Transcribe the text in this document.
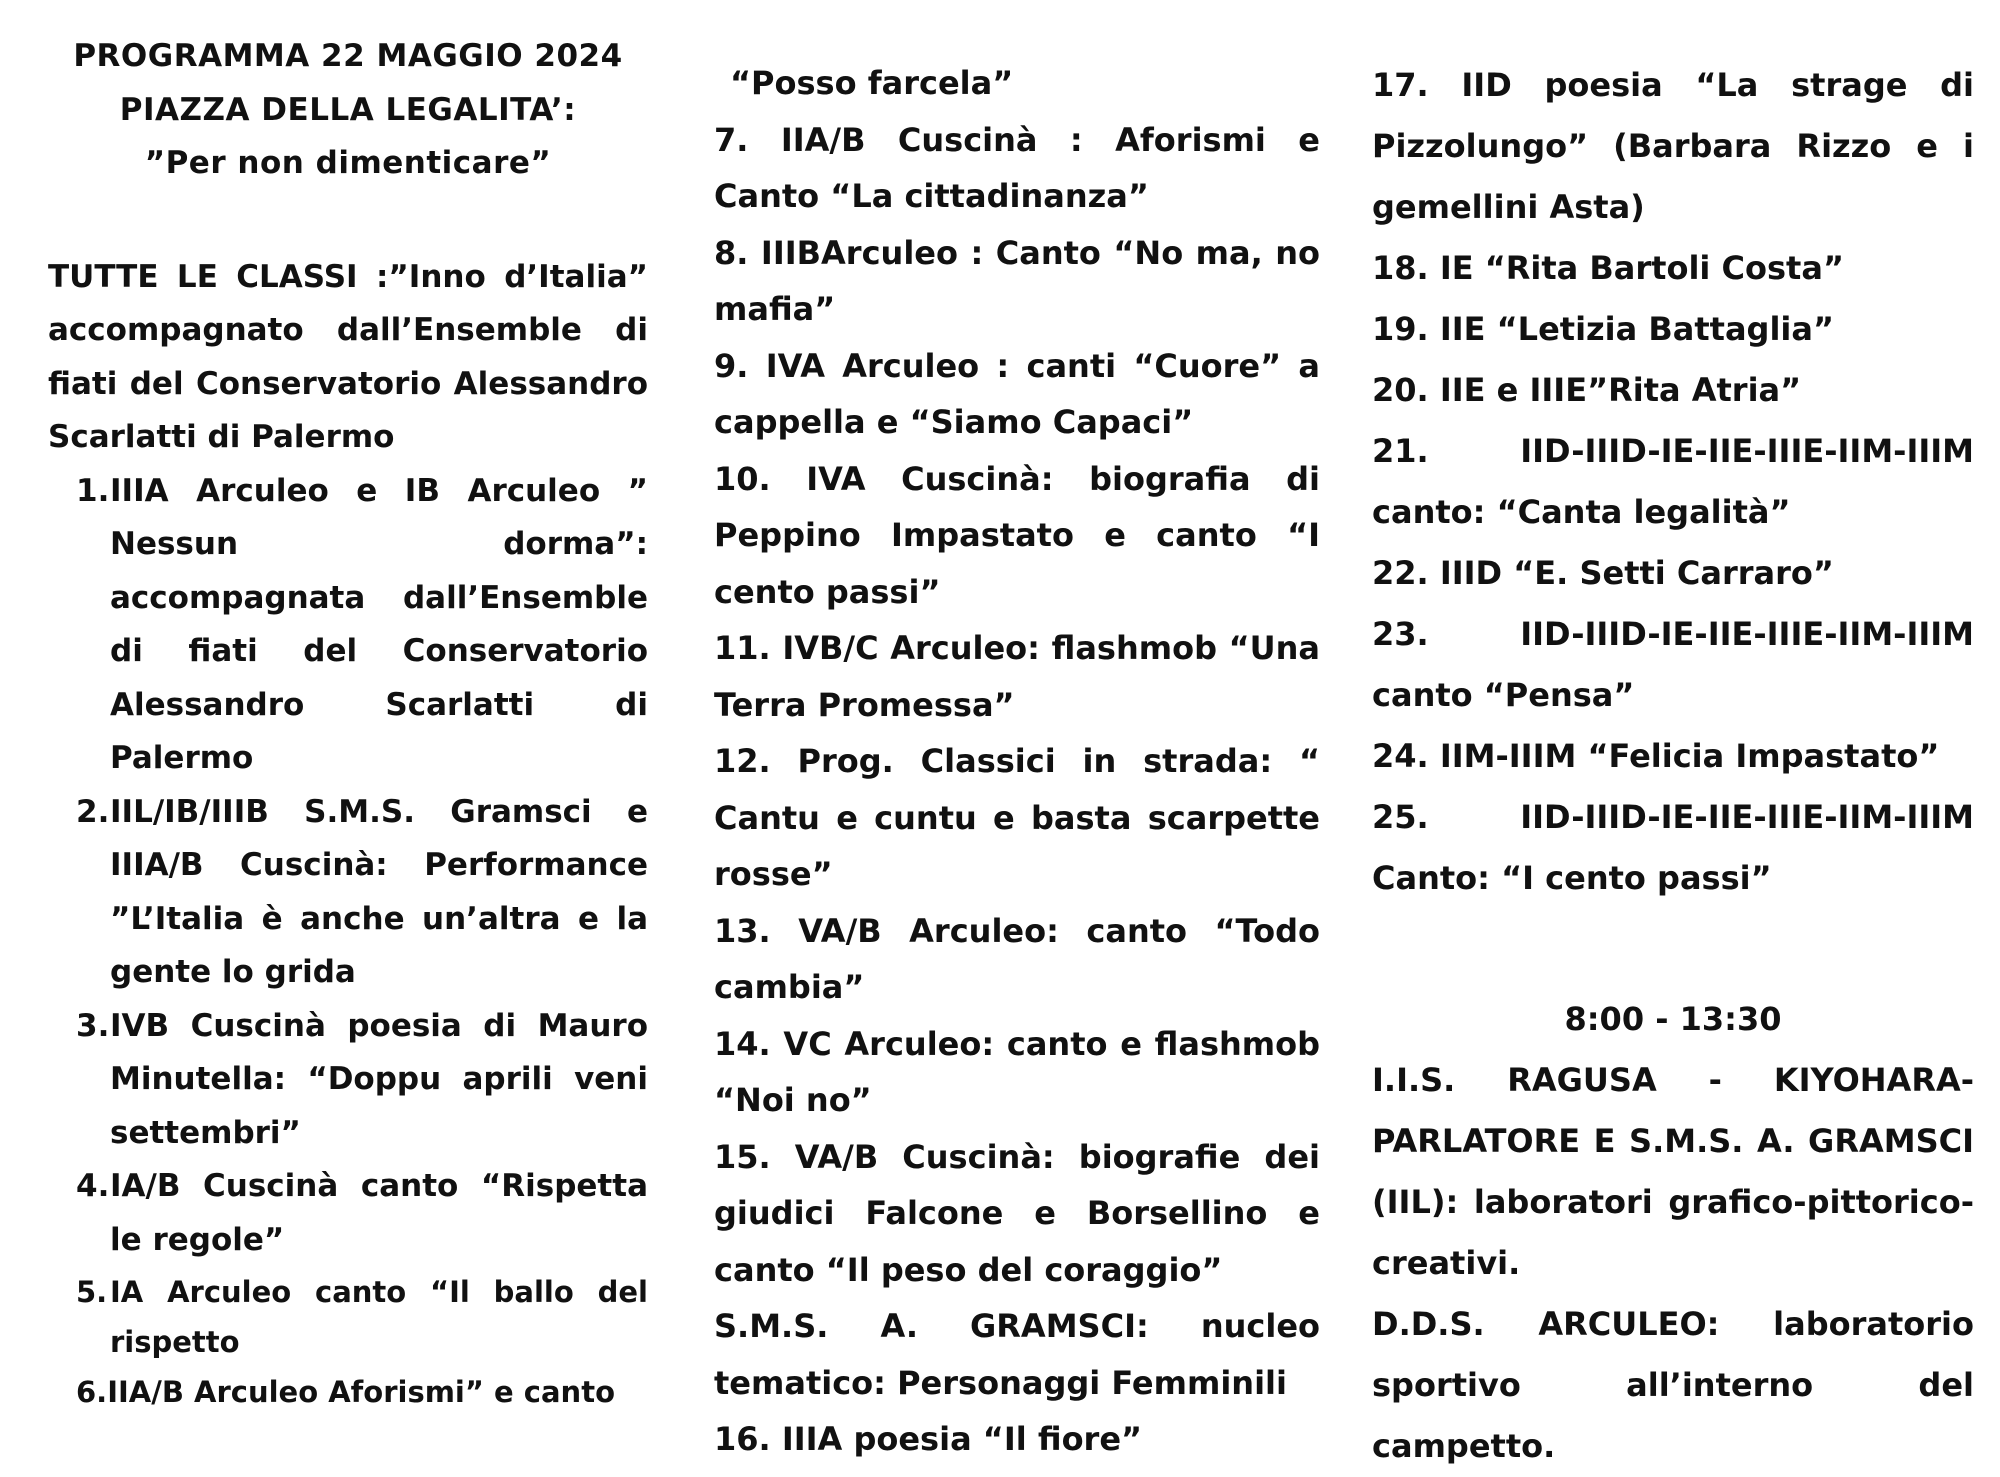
PROGRAMMA 22 MAGGIO 2024

PIAZZA DELLA LEGALITA’:

”Per non dimenticare”

TUTTE LE CLASSI :”Inno d’Italia” accompagnato dall’Ensemble di fiati del Conservatorio Alessandro Scarlatti di Palermo

1. IIIA Arculeo e IB Arculeo ” Nessun dorma”: accompagnata dall’Ensemble di fiati del Conservatorio Alessandro Scarlatti di Palermo
2. IIL/IB/IIIB S.M.S. Gramsci e IIIA/B Cuscinà: Performance ”L’Italia è anche un’altra e la gente lo grida
3. IVB Cuscinà poesia di Mauro Minutella: “Doppu aprili veni settembri”
4. IA/B Cuscinà canto “Rispetta le regole”
5. IA Arculeo canto “Il ballo del rispetto
6.IIA/B Arculeo Aforismi” e canto

“Posso farcela”

7. IIA/B Cuscinà : Aforismi e Canto “La cittadinanza”

8. IIIBArculeo : Canto “No ma, no mafia”

9. IVA Arculeo : canti “Cuore” a cappella e “Siamo Capaci”

10. IVA Cuscinà: biografia di Peppino Impastato e canto “I cento passi”

11. IVB/C Arculeo: flashmob “Una Terra Promessa”

12. Prog. Classici in strada: “ Cantu e cuntu e basta scarpette rosse”

13. VA/B Arculeo: canto “Todo cambia”

14. VC Arculeo: canto e flashmob “Noi no”

15. VA/B Cuscinà: biografie dei giudici Falcone e Borsellino e canto “Il peso del coraggio”

S.M.S. A. GRAMSCI: nucleo tematico: Personaggi Femminili

16. IIIA poesia “Il fiore”

17. IID poesia “La strage di Pizzolungo” (Barbara Rizzo e i gemellini Asta)

18. IE “Rita Bartoli Costa”

19. IIE “Letizia Battaglia”

20. IIE e IIIE”Rita Atria”

21.	IID-IIID-IE-IIE-IIIE-IIM-IIIM canto: “Canta legalità”

22. IIID “E. Setti Carraro”

23.	IID-IIID-IE-IIE-IIIE-IIM-IIIM canto “Pensa”

24. IIM-IIIM “Felicia Impastato”

25.	IID-IIID-IE-IIE-IIIE-IIM-IIIM Canto: “I cento passi”

8:00 - 13:30

I.I.S. RAGUSA - KIYOHARA-PARLATORE E S.M.S. A. GRAMSCI (IIL): laboratori grafico-pittorico- creativi.

D.D.S. ARCULEO: laboratorio sportivo all’interno del campetto.
